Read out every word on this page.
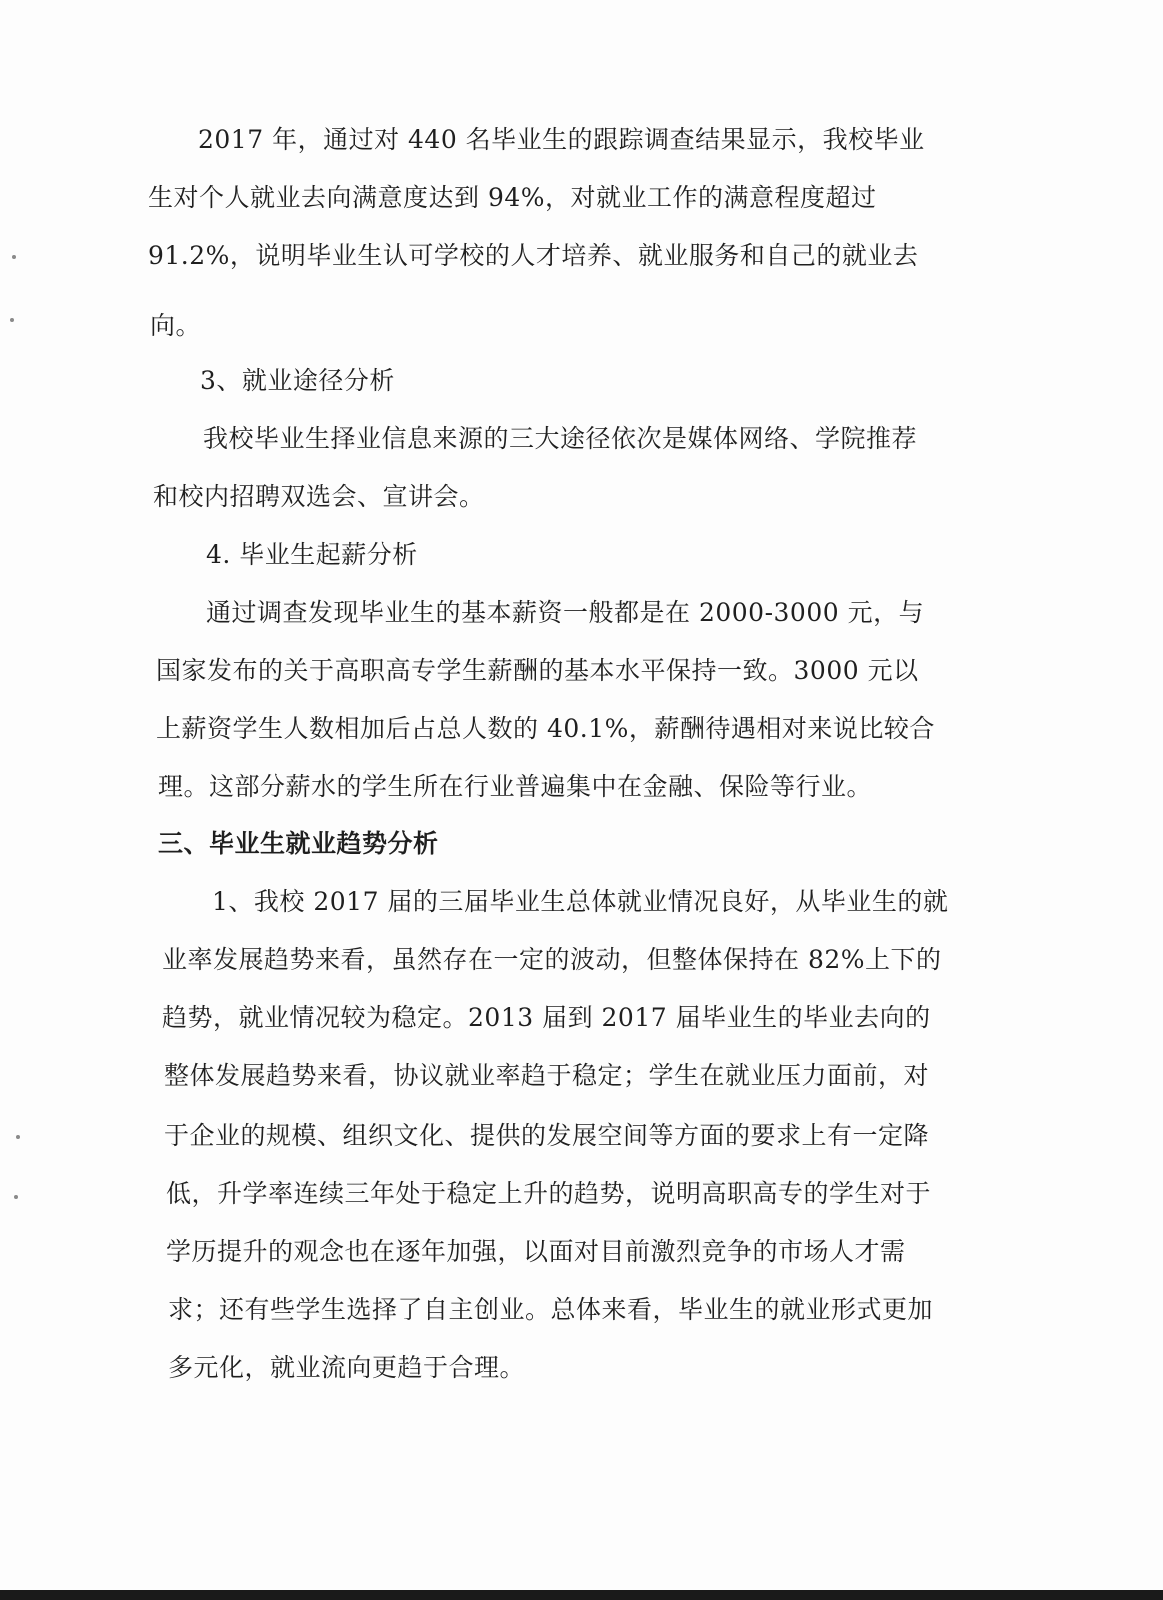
2017 年，通过对 440 名毕业生的跟踪调查结果显示，我校毕业
生对个人就业去向满意度达到 94%，对就业工作的满意程度超过
91.2%，说明毕业生认可学校的人才培养、就业服务和自己的就业去
向。
3、就业途径分析
我校毕业生择业信息来源的三大途径依次是媒体网络、学院推荐
和校内招聘双选会、宣讲会。
4. 毕业生起薪分析
通过调查发现毕业生的基本薪资一般都是在 2000-3000 元，与
国家发布的关于高职高专学生薪酬的基本水平保持一致。3000 元以
上薪资学生人数相加后占总人数的 40.1%，薪酬待遇相对来说比较合
理。这部分薪水的学生所在行业普遍集中在金融、保险等行业。
三、毕业生就业趋势分析
1、我校 2017 届的三届毕业生总体就业情况良好，从毕业生的就
业率发展趋势来看，虽然存在一定的波动，但整体保持在 82%上下的
趋势，就业情况较为稳定。2013 届到 2017 届毕业生的毕业去向的
整体发展趋势来看，协议就业率趋于稳定；学生在就业压力面前，对
于企业的规模、组织文化、提供的发展空间等方面的要求上有一定降
低，升学率连续三年处于稳定上升的趋势，说明高职高专的学生对于
学历提升的观念也在逐年加强，以面对目前激烈竞争的市场人才需
求；还有些学生选择了自主创业。总体来看，毕业生的就业形式更加
多元化，就业流向更趋于合理。
